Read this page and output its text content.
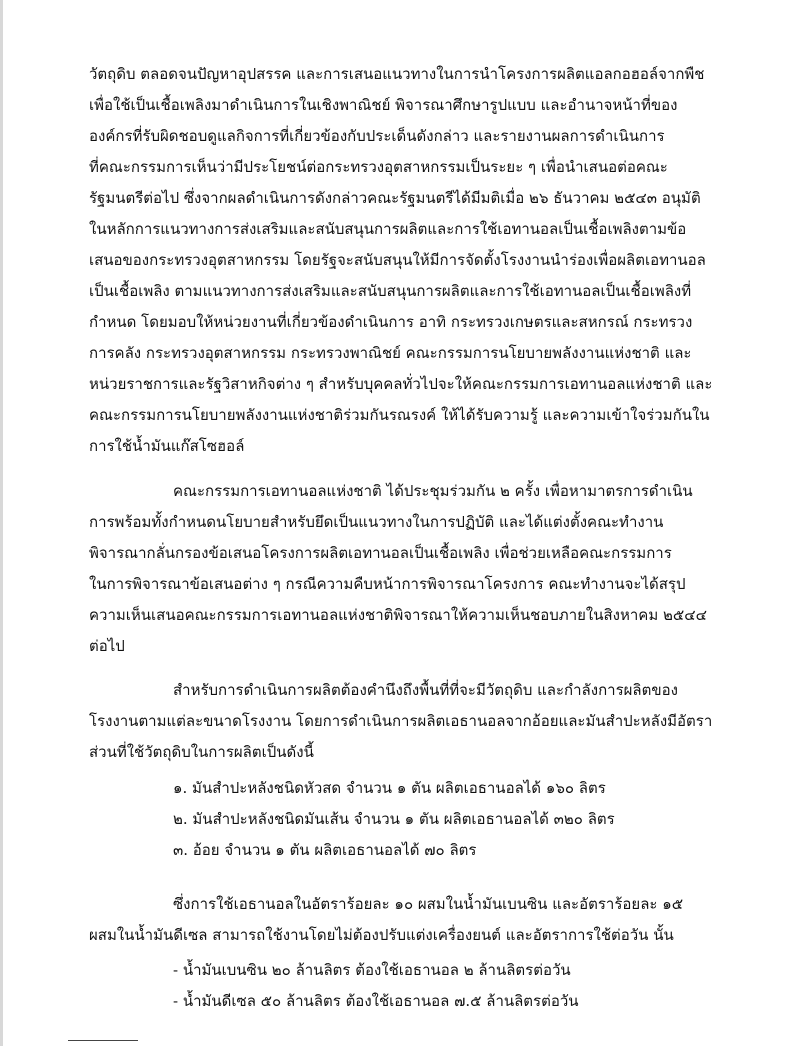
วัตถุดิบ ตลอดจนปัญหาอุปสรรค และการเสนอแนวทางในการนำโครงการผลิตแอลกอฮอล์จากพืช
เพื่อใช้เป็นเชื้อเพลิงมาดำเนินการในเชิงพาณิชย์ พิจารณาศึกษารูปแบบ และอำนาจหน้าที่ของ
องค์กรที่รับผิดชอบดูแลกิจการที่เกี่ยวข้องกับประเด็นดังกล่าว และรายงานผลการดำเนินการ
ที่คณะกรรมการเห็นว่ามีประโยชน์ต่อกระทรวงอุตสาหกรรมเป็นระยะ ๆ เพื่อนำเสนอต่อคณะ
รัฐมนตรีต่อไป ซึ่งจากผลดำเนินการดังกล่าวคณะรัฐมนตรีได้มีมติเมื่อ ๒๖ ธันวาคม ๒๕๔๓ อนุมัติ
ในหลักการแนวทางการส่งเสริมและสนับสนุนการผลิตและการใช้เอทานอลเป็นเชื้อเพลิงตามข้อ
เสนอของกระทรวงอุตสาหกรรม โดยรัฐจะสนับสนุนให้มีการจัดตั้งโรงงานนำร่องเพื่อผลิตเอทานอล
เป็นเชื้อเพลิง ตามแนวทางการส่งเสริมและสนับสนุนการผลิตและการใช้เอทานอลเป็นเชื้อเพลิงที่
กำหนด โดยมอบให้หน่วยงานที่เกี่ยวข้องดำเนินการ อาทิ กระทรวงเกษตรและสหกรณ์ กระทรวง
การคลัง กระทรวงอุตสาหกรรม กระทรวงพาณิชย์ คณะกรรมการนโยบายพลังงานแห่งชาติ และ
หน่วยราชการและรัฐวิสาหกิจต่าง ๆ สำหรับบุคคลทั่วไปจะให้คณะกรรมการเอทานอลแห่งชาติ และ
คณะกรรมการนโยบายพลังงานแห่งชาติร่วมกันรณรงค์ ให้ได้รับความรู้ และความเข้าใจร่วมกันใน
การใช้น้ำมันแก๊สโซฮอล์
คณะกรรมการเอทานอลแห่งชาติ ได้ประชุมร่วมกัน ๒ ครั้ง เพื่อหามาตรการดำเนิน
การพร้อมทั้งกำหนดนโยบายสำหรับยึดเป็นแนวทางในการปฏิบัติ และได้แต่งตั้งคณะทำงาน
พิจารณากลั่นกรองข้อเสนอโครงการผลิตเอทานอลเป็นเชื้อเพลิง เพื่อช่วยเหลือคณะกรรมการ
ในการพิจารณาข้อเสนอต่าง ๆ กรณีความคืบหน้าการพิจารณาโครงการ คณะทำงานจะได้สรุป
ความเห็นเสนอคณะกรรมการเอทานอลแห่งชาติพิจารณาให้ความเห็นชอบภายในสิงหาคม ๒๕๔๔
ต่อไป
สำหรับการดำเนินการผลิตต้องคำนึงถึงพื้นที่ที่จะมีวัตถุดิบ และกำลังการผลิตของ
โรงงานตามแต่ละขนาดโรงงาน โดยการดำเนินการผลิตเอธานอลจากอ้อยและมันสำปะหลังมีอัตรา
ส่วนที่ใช้วัตถุดิบในการผลิตเป็นดังนี้
๑. มันสำปะหลังชนิดหัวสด จำนวน ๑ ตัน ผลิตเอธานอลได้ ๑๖๐ ลิตร
๒. มันสำปะหลังชนิดมันเส้น จำนวน ๑ ตัน ผลิตเอธานอลได้ ๓๒๐ ลิตร
๓. อ้อย จำนวน ๑ ตัน ผลิตเอธานอลได้ ๗๐ ลิตร
ซึ่งการใช้เอธานอลในอัตราร้อยละ ๑๐ ผสมในน้ำมันเบนซิน และอัตราร้อยละ ๑๕
ผสมในน้ำมันดีเซล สามารถใช้งานโดยไม่ต้องปรับแต่งเครื่องยนต์ และอัตราการใช้ต่อวัน นั้น
- น้ำมันเบนซิน ๒๐ ล้านลิตร ต้องใช้เอธานอล ๒ ล้านลิตรต่อวัน
- น้ำมันดีเซล ๕๐ ล้านลิตร ต้องใช้เอธานอล ๗.๕ ล้านลิตรต่อวัน
